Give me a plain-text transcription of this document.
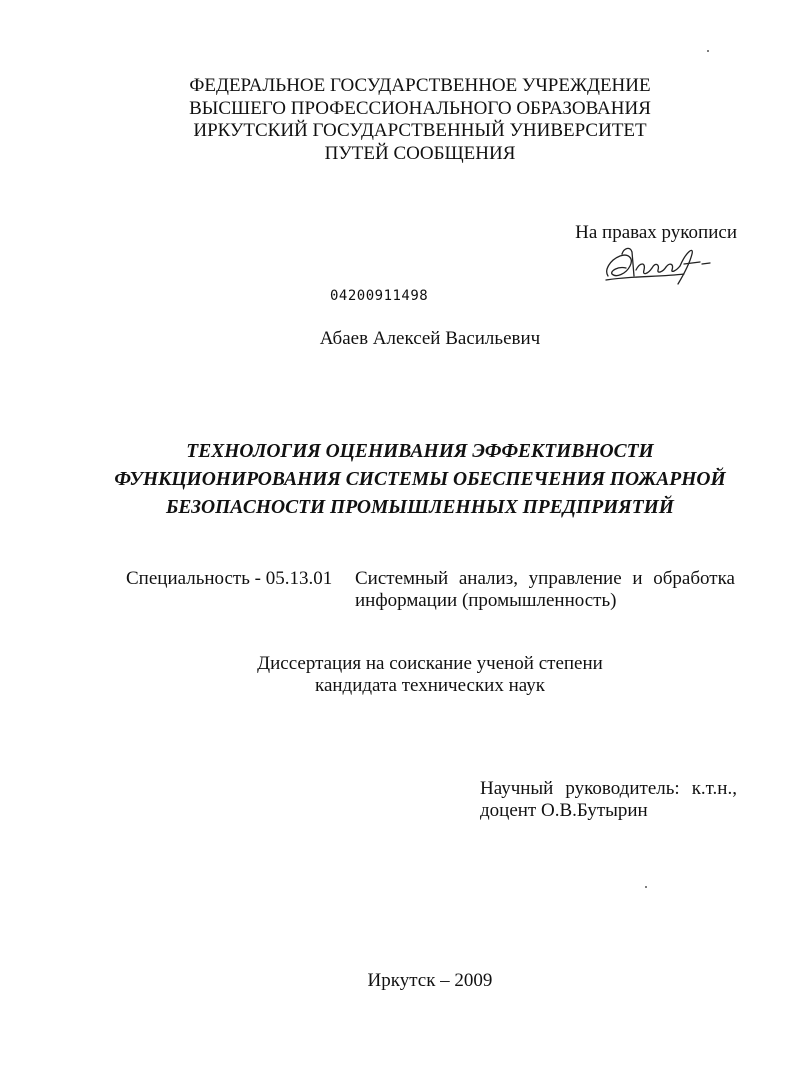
ФЕДЕРАЛЬНОЕ ГОСУДАРСТВЕННОЕ УЧРЕЖДЕНИЕ
ВЫСШЕГО ПРОФЕССИОНАЛЬНОГО ОБРАЗОВАНИЯ
ИРКУТСКИЙ ГОСУДАРСТВЕННЫЙ УНИВЕРСИТЕТ
ПУТЕЙ СООБЩЕНИЯ
На правах рукописи
04200911498
Абаев Алексей Васильевич
ТЕХНОЛОГИЯ ОЦЕНИВАНИЯ ЭФФЕКТИВНОСТИ
ФУНКЦИОНИРОВАНИЯ СИСТЕМЫ ОБЕСПЕЧЕНИЯ ПОЖАРНОЙ
БЕЗОПАСНОСТИ ПРОМЫШЛЕННЫХ ПРЕДПРИЯТИЙ
Специальность - 05.13.01 Системный анализ, управление и обработка
информации (промышленность)
Диссертация на соискание ученой степени
кандидата технических наук
Научный руководитель: к.т.н.,
доцент О.В.Бутырин
Иркутск – 2009
